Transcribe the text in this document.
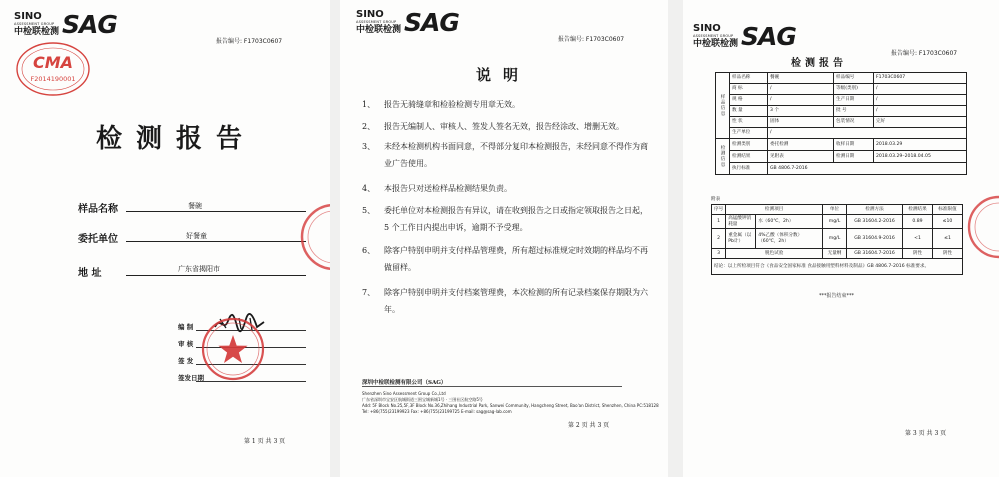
SINO
ASSESSMENT GROUP
中检联检测 SAG
报告编号: F1703C0607
CMA
F2014190001
检测报告
样品名称	餐碗
委托单位	好餐童
地 址	广东省揭阳市
编 制
审 核
签 发
签发日期
第 1 页 共 3 页
SINO
ASSESSMENT GROUP
中检联检测 SAG
报告编号: F1703C0607
说明
1、 报告无骑缝章和检验检测专用章无效。
2、 报告无编制人、审核人、签发人签名无效，报告经涂改、增删无效。
3、 未经本检测机构书面同意，不得部分复印本检测报告，未经同意不得作为商业广告使用。
4、 本报告只对送检样品检测结果负责。
5、 委托单位对本检测报告有异议，请在收到报告之日或指定领取报告之日起，5 个工作日内提出申诉，逾期不予受理。
6、 除客户特别申明并支付样品管理费，所有超过标准规定时效期的样品均不再做留样。
7、 除客户特别申明并支付档案管理费，本次检测的所有记录档案保存期限为六年。
深圳中检联检测有限公司（SAG）
Shenzhen Sino Assessment Group Co.,Ltd
广东省深圳市宝安区航城街道三围宝城新城1号 · 三围社区航空路5号
Add: 5F Block No.25,5F,3F Block No.36,Zhihang Industrial Park, Sanwei Community, Hangcheng Street, Bao'an District, Shenzhen, China PC:518128
Tel: +86(755)23199923 Fax: +86(755)23199725 E-mail: sag@sag-lab.com
第 2 页 共 3 页
SINO
ASSESSMENT GROUP
中检联检测 SAG
报告编号: F1703C0607
检测报告
样品信息	样品名称	餐碗	样品编号	F1703C0607
	商 标	/	等级(类别)	/
	规 格	/	生产日期	/
	数 量	3 个	批 号	/
	性 状	固体	包装情况	完好
	生产单位	/		
检测信息	检测类别	委托检测	收样日期	2018.03.29
	检测结果	见附表	检测日期	2018.03.29–2018.04.05
	执行标准	GB 4806.7-2016		
附表
序号	检测项目		单位	检测方法	检测结果	标准限值
1	高锰酸钾消耗量	水（60℃，2h）	mg/L	GB 31604.2-2016	0.89	≤10
2	重金属（以Pb计）	4%乙酸（体积分数）（60℃，2h）	mg/L	GB 31604.9-2016	<1	≤1
3	脱色试验		无量纲	GB 31604.7-2016	阴性	阴性
结论：以上所检项目符合《食品安全国家标准 食品接触用塑料材料及制品》GB 4806.7-2016 标准要求。						
***报告结束***
第 3 页 共 3 页
